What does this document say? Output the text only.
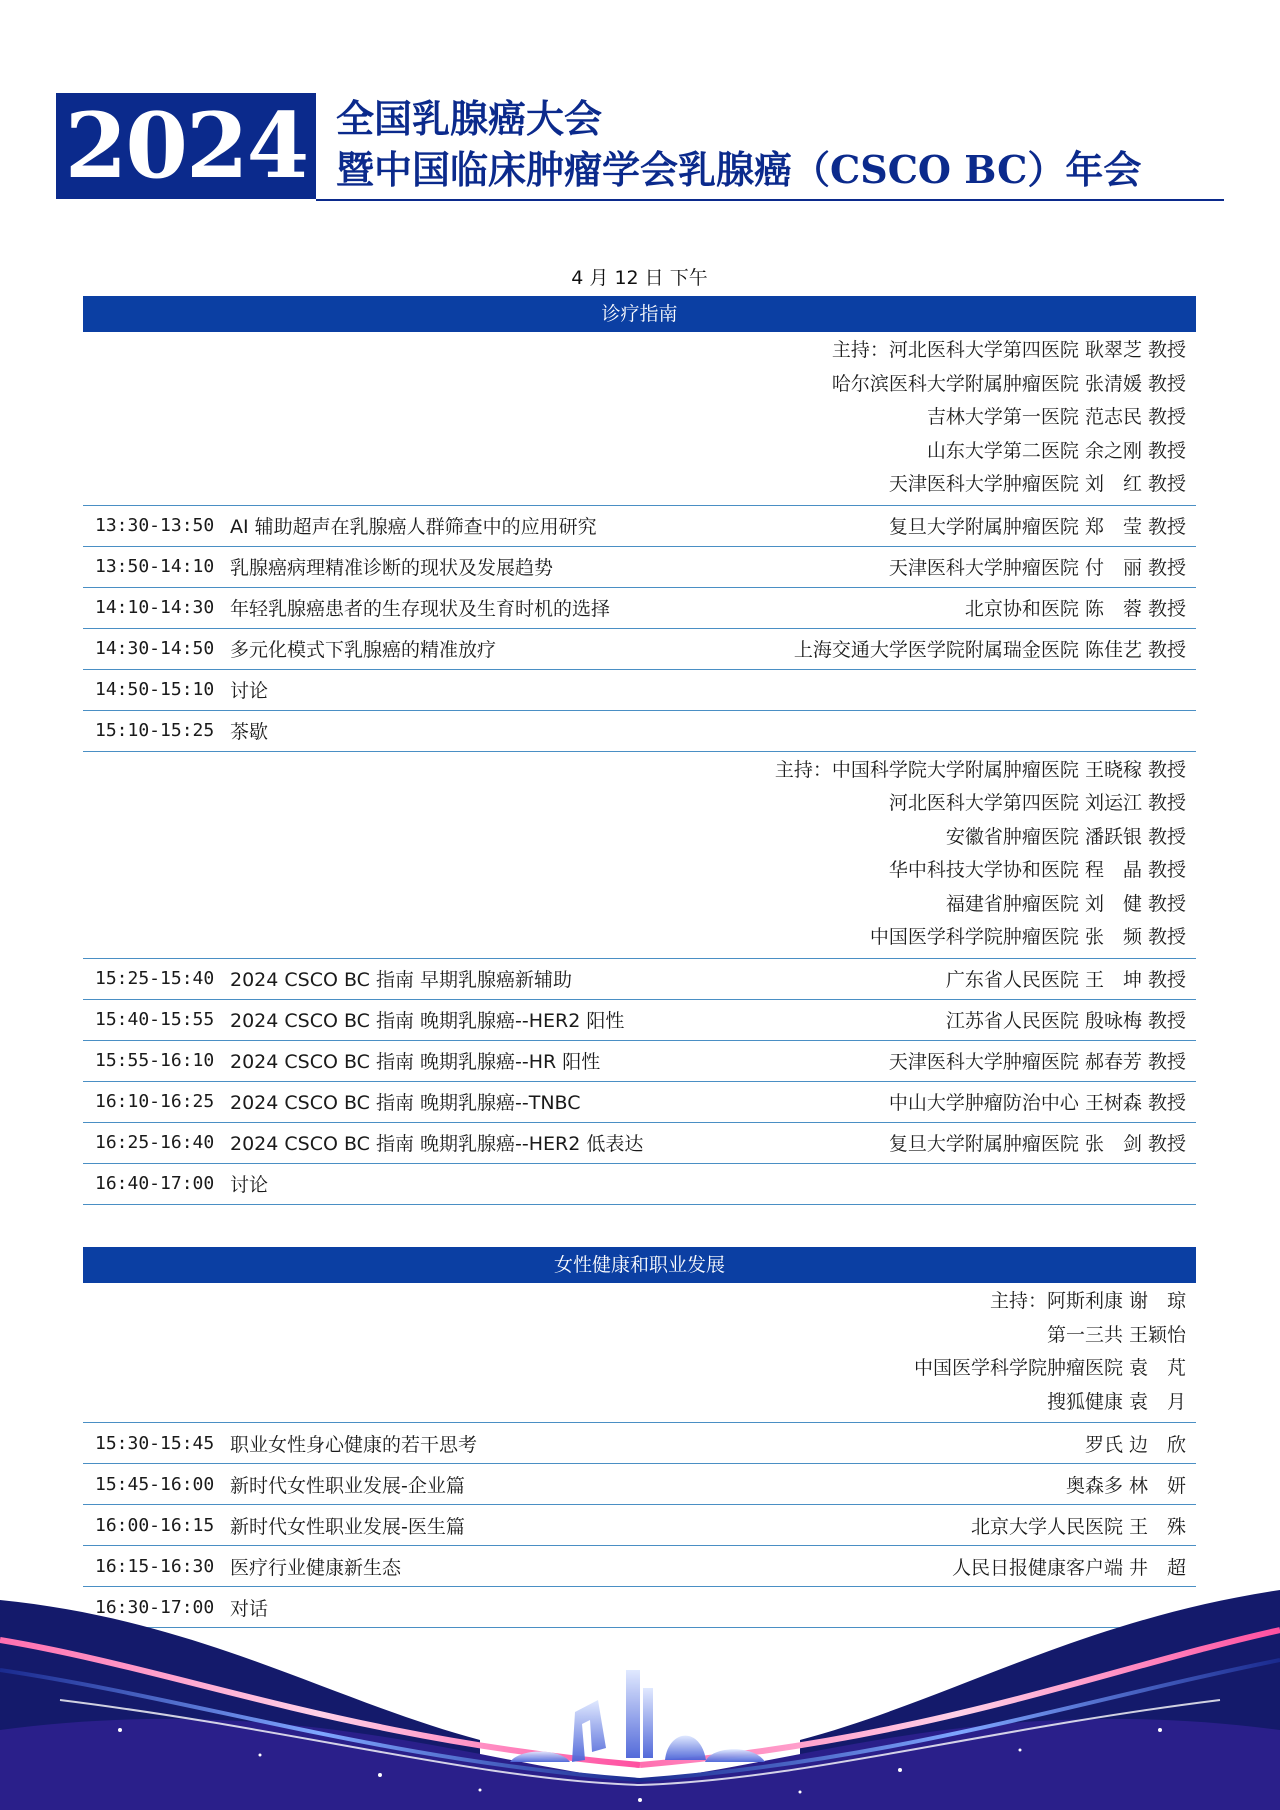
2024 全国乳腺癌大会
暨中国临床肿瘤学会乳腺癌（CSCO BC）年会
4 月 12 日 下午
诊疗指南
主持：河北医科大学第四医院 耿翠芝 教授
哈尔滨医科大学附属肿瘤医院 张清媛 教授
吉林大学第一医院 范志民 教授
山东大学第二医院 余之刚 教授
天津医科大学肿瘤医院 刘　红 教授
13:30-13:50 AI 辅助超声在乳腺癌人群筛查中的应用研究	复旦大学附属肿瘤医院 郑　莹 教授
13:50-14:10 乳腺癌病理精准诊断的现状及发展趋势	天津医科大学肿瘤医院 付　丽 教授
14:10-14:30 年轻乳腺癌患者的生存现状及生育时机的选择	北京协和医院 陈　蓉 教授
14:30-14:50 多元化模式下乳腺癌的精准放疗	上海交通大学医学院附属瑞金医院 陈佳艺 教授
14:50-15:10 讨论
15:10-15:25 茶歇
主持：中国科学院大学附属肿瘤医院 王晓稼 教授
河北医科大学第四医院 刘运江 教授
安徽省肿瘤医院 潘跃银 教授
华中科技大学协和医院 程　晶 教授
福建省肿瘤医院 刘　健 教授
中国医学科学院肿瘤医院 张　频 教授
15:25-15:40 2024 CSCO BC 指南 早期乳腺癌新辅助	广东省人民医院 王　坤 教授
15:40-15:55 2024 CSCO BC 指南 晚期乳腺癌--HER2 阳性	江苏省人民医院 殷咏梅 教授
15:55-16:10 2024 CSCO BC 指南 晚期乳腺癌--HR 阳性	天津医科大学肿瘤医院 郝春芳 教授
16:10-16:25 2024 CSCO BC 指南 晚期乳腺癌--TNBC	中山大学肿瘤防治中心 王树森 教授
16:25-16:40 2024 CSCO BC 指南 晚期乳腺癌--HER2 低表达	复旦大学附属肿瘤医院 张　剑 教授
16:40-17:00 讨论
女性健康和职业发展
主持：阿斯利康 谢　琼
第一三共 王颖怡
中国医学科学院肿瘤医院 袁　芃
搜狐健康 袁　月
15:30-15:45 职业女性身心健康的若干思考	罗氏 边　欣
15:45-16:00 新时代女性职业发展-企业篇	奥森多 林　妍
16:00-16:15 新时代女性职业发展-医生篇	北京大学人民医院 王　殊
16:15-16:30 医疗行业健康新生态	人民日报健康客户端 井　超
16:30-17:00 对话
